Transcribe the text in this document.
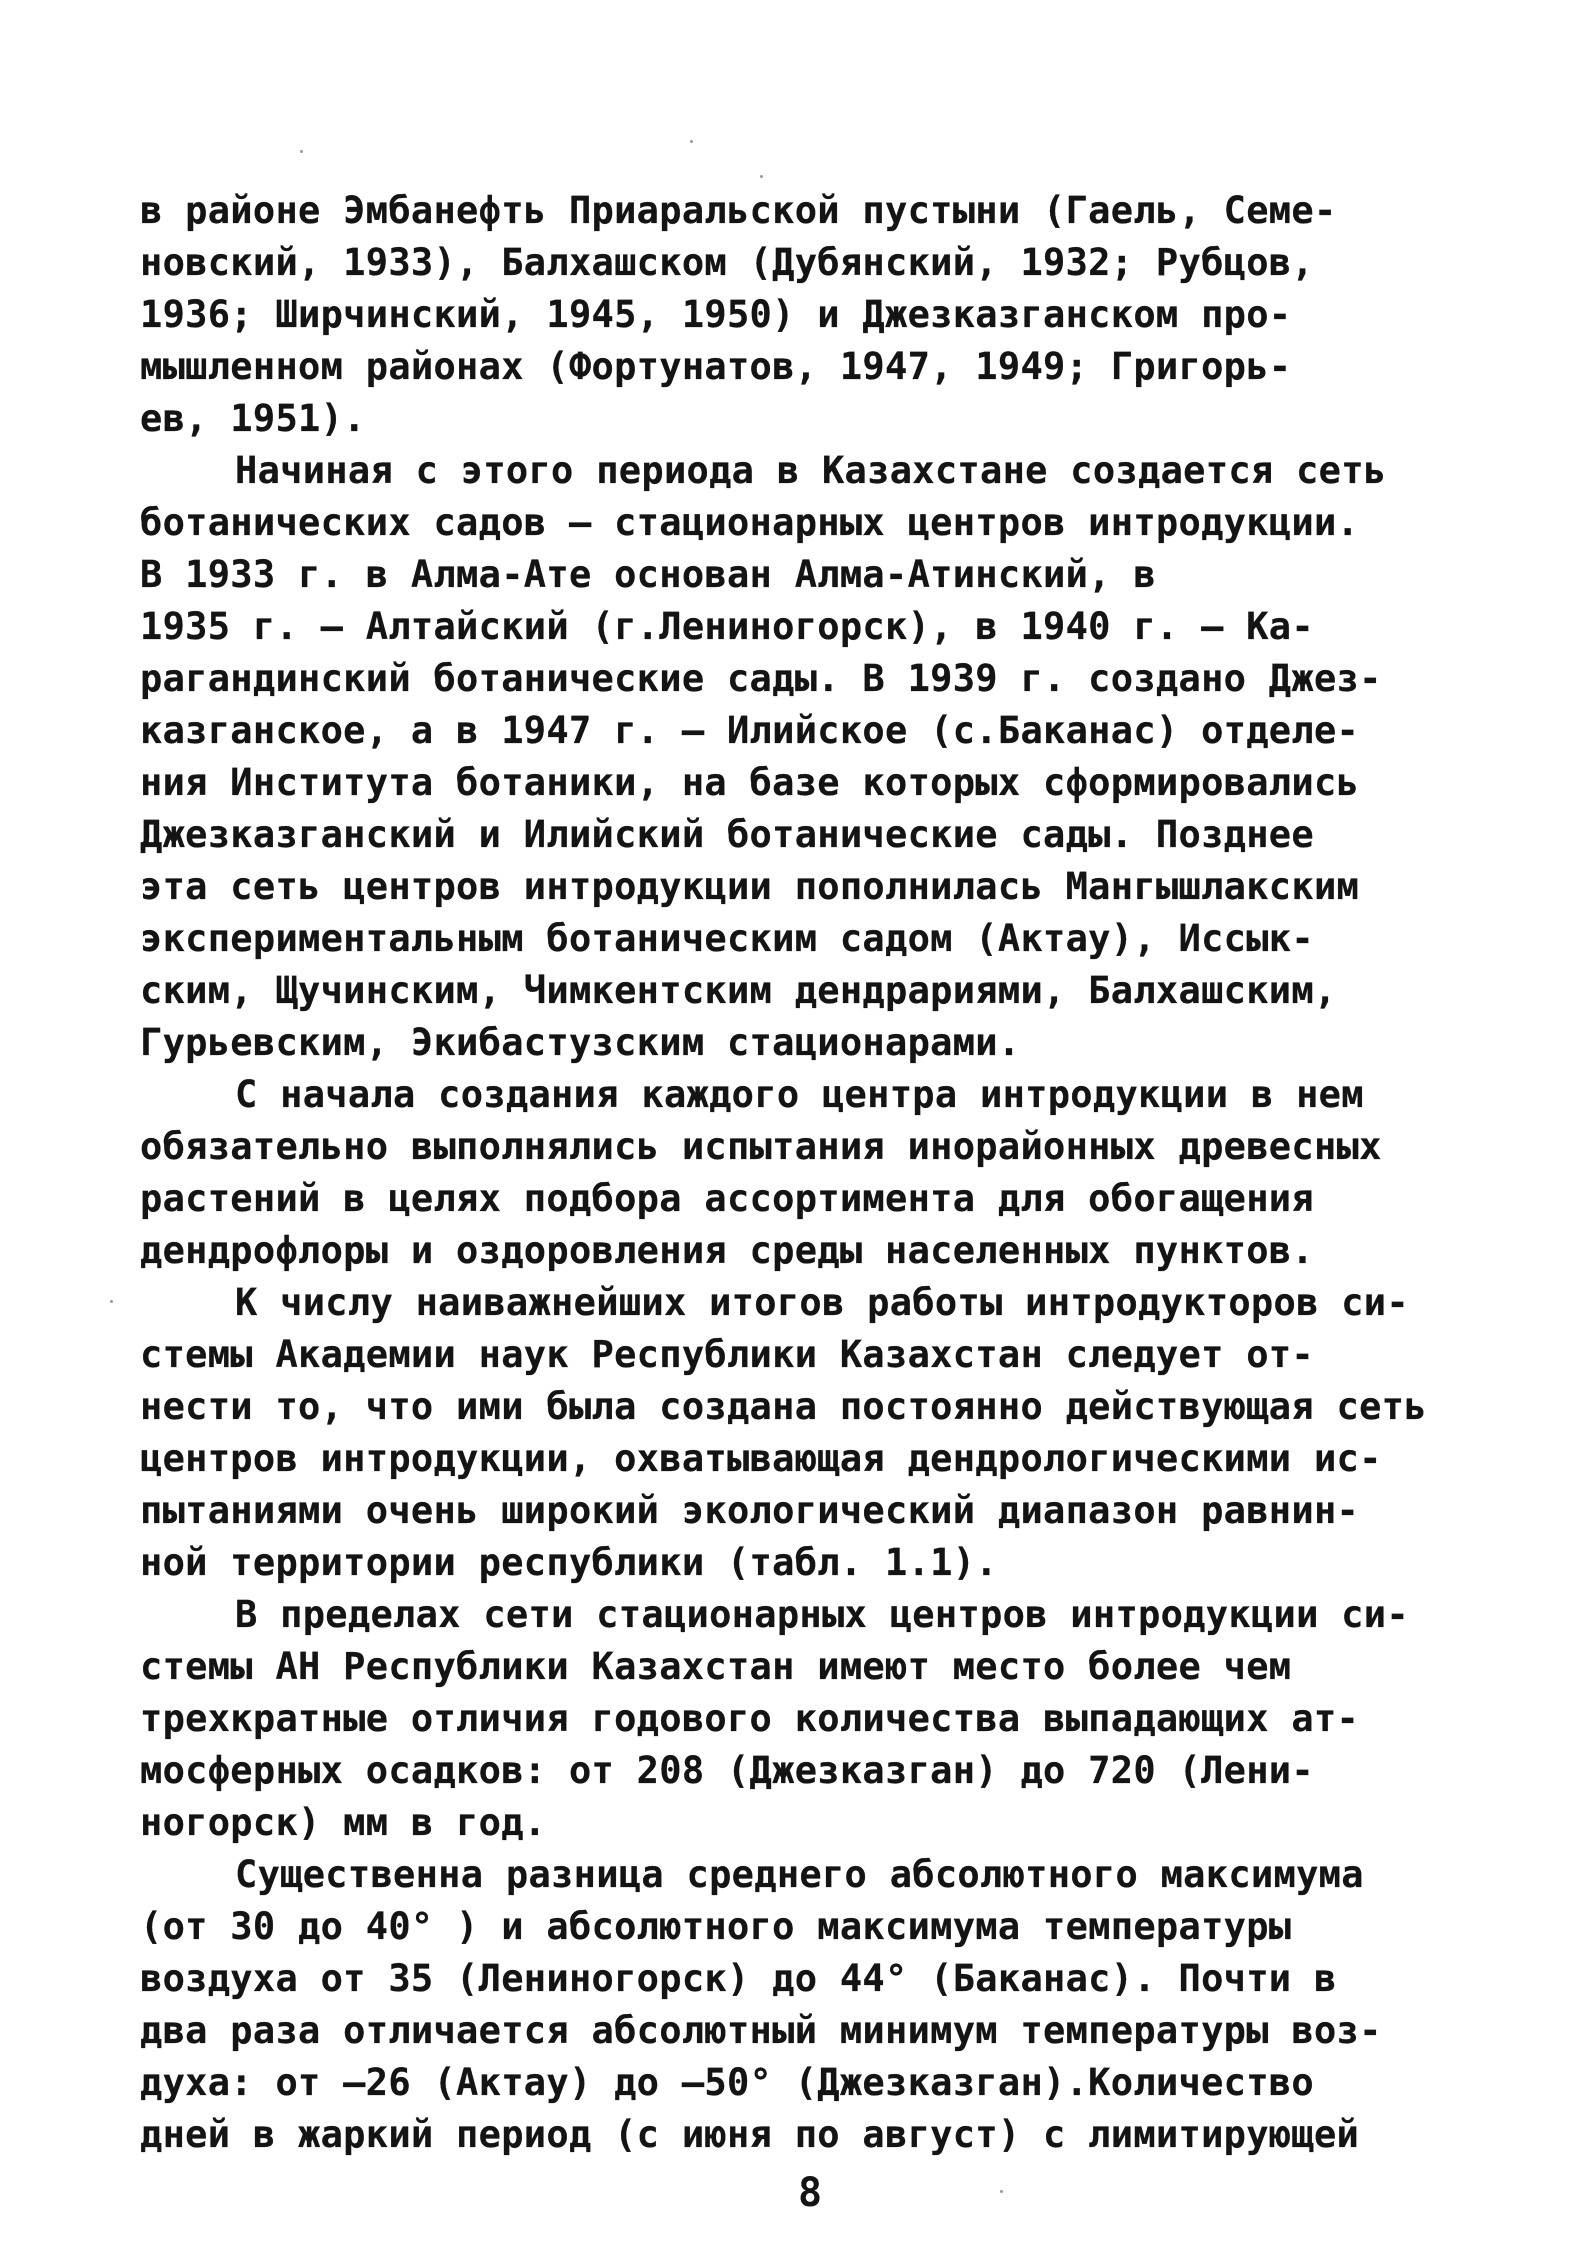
в районе Эмбанефть Приаральской пустыни (Гаель, Семе-
новский, 1933), Балхашском (Дубянский, 1932; Рубцов,
1936; Ширчинский, 1945, 1950) и Джезказганском про-
мышленном районах (Фортунатов, 1947, 1949; Григорь-
ев, 1951).
Начиная с этого периода в Казахстане создается сеть
ботанических садов – стационарных центров интродукции.
В 1933 г. в Алма-Ате основан Алма-Атинский, в
1935 г. – Алтайский (г.Лениногорск), в 1940 г. – Ка-
рагандинский ботанические сады. В 1939 г. создано Джез-
казганское, а в 1947 г. – Илийское (с.Баканас) отделе-
ния Института ботаники, на базе которых сформировались
Джезказганский и Илийский ботанические сады. Позднее
эта сеть центров интродукции пополнилась Мангышлакским
экспериментальным ботаническим садом (Актау), Иссык-
ским, Щучинским, Чимкентским дендрариями, Балхашским,
Гурьевским, Экибастузским стационарами.
С начала создания каждого центра интродукции в нем
обязательно выполнялись испытания инорайонных древесных
растений в целях подбора ассортимента для обогащения
дендрофлоры и оздоровления среды населенных пунктов.
К числу наиважнейших итогов работы интродукторов си-
стемы Академии наук Республики Казахстан следует от-
нести то, что ими была создана постоянно действующая сеть
центров интродукции, охватывающая дендрологическими ис-
пытаниями очень широкий экологический диапазон равнин-
ной территории республики (табл. 1.1).
В пределах сети стационарных центров интродукции си-
стемы АН Республики Казахстан имеют место более чем
трехкратные отличия годового количества выпадающих ат-
мосферных осадков: от 208 (Джезказган) до 720 (Лени-
ногорск) мм в год.
Существенна разница среднего абсолютного максимума
(от 30 до 40° ) и абсолютного максимума температуры
воздуха от 35 (Лениногорск) до 44° (Баканас). Почти в
два раза отличается абсолютный минимум температуры воз-
духа: от –26 (Актау) до –50° (Джезказган).Количество
дней в жаркий период (с июня по август) с лимитирующей
8
